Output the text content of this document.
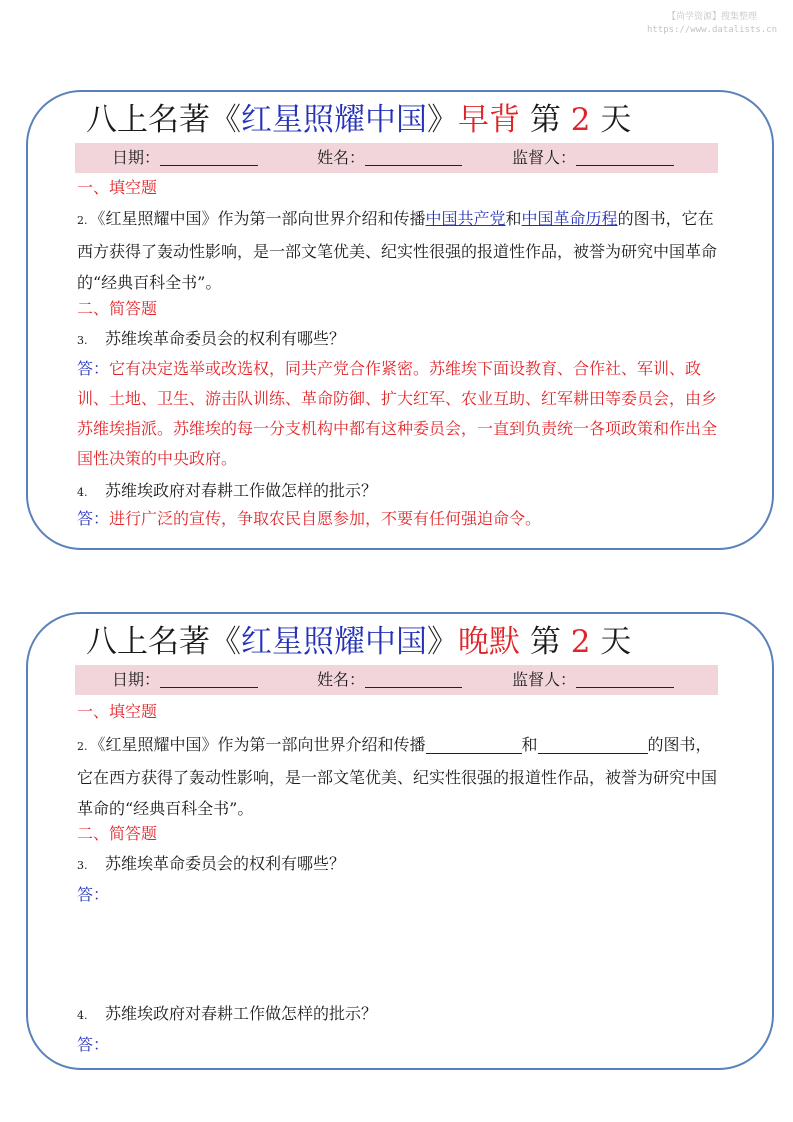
【尚学资源】搜集整理
https://www.datalists.cn
八上名著《红星照耀中国》早背 第 2 天
日期：	姓名：	监督人：
一、填空题
2. 《红星照耀中国》作为第一部向世界介绍和传播中国共产党和中国革命历程的图书，它在西方获得了轰动性影响，是一部文笔优美、纪实性很强的报道性作品，被誉为研究中国革命的“经典百科全书”。
二、简答题
3. 苏维埃革命委员会的权利有哪些？
答：它有决定选举或改选权，同共产党合作紧密。苏维埃下面设教育、合作社、军训、政训、土地、卫生、游击队训练、革命防御、扩大红军、农业互助、红军耕田等委员会，由乡苏维埃指派。苏维埃的每一分支机构中都有这种委员会，一直到负责统一各项政策和作出全国性决策的中央政府。
4. 苏维埃政府对春耕工作做怎样的批示？
答：进行广泛的宣传，争取农民自愿参加，不要有任何强迫命令。
八上名著《红星照耀中国》晚默 第 2 天
日期：	姓名：	监督人：
一、填空题
2. 《红星照耀中国》作为第一部向世界介绍和传播	和	的图书，它在西方获得了轰动性影响，是一部文笔优美、纪实性很强的报道性作品，被誉为研究中国革命的“经典百科全书”。
二、简答题
3. 苏维埃革命委员会的权利有哪些？
答：
4. 苏维埃政府对春耕工作做怎样的批示？
答：
